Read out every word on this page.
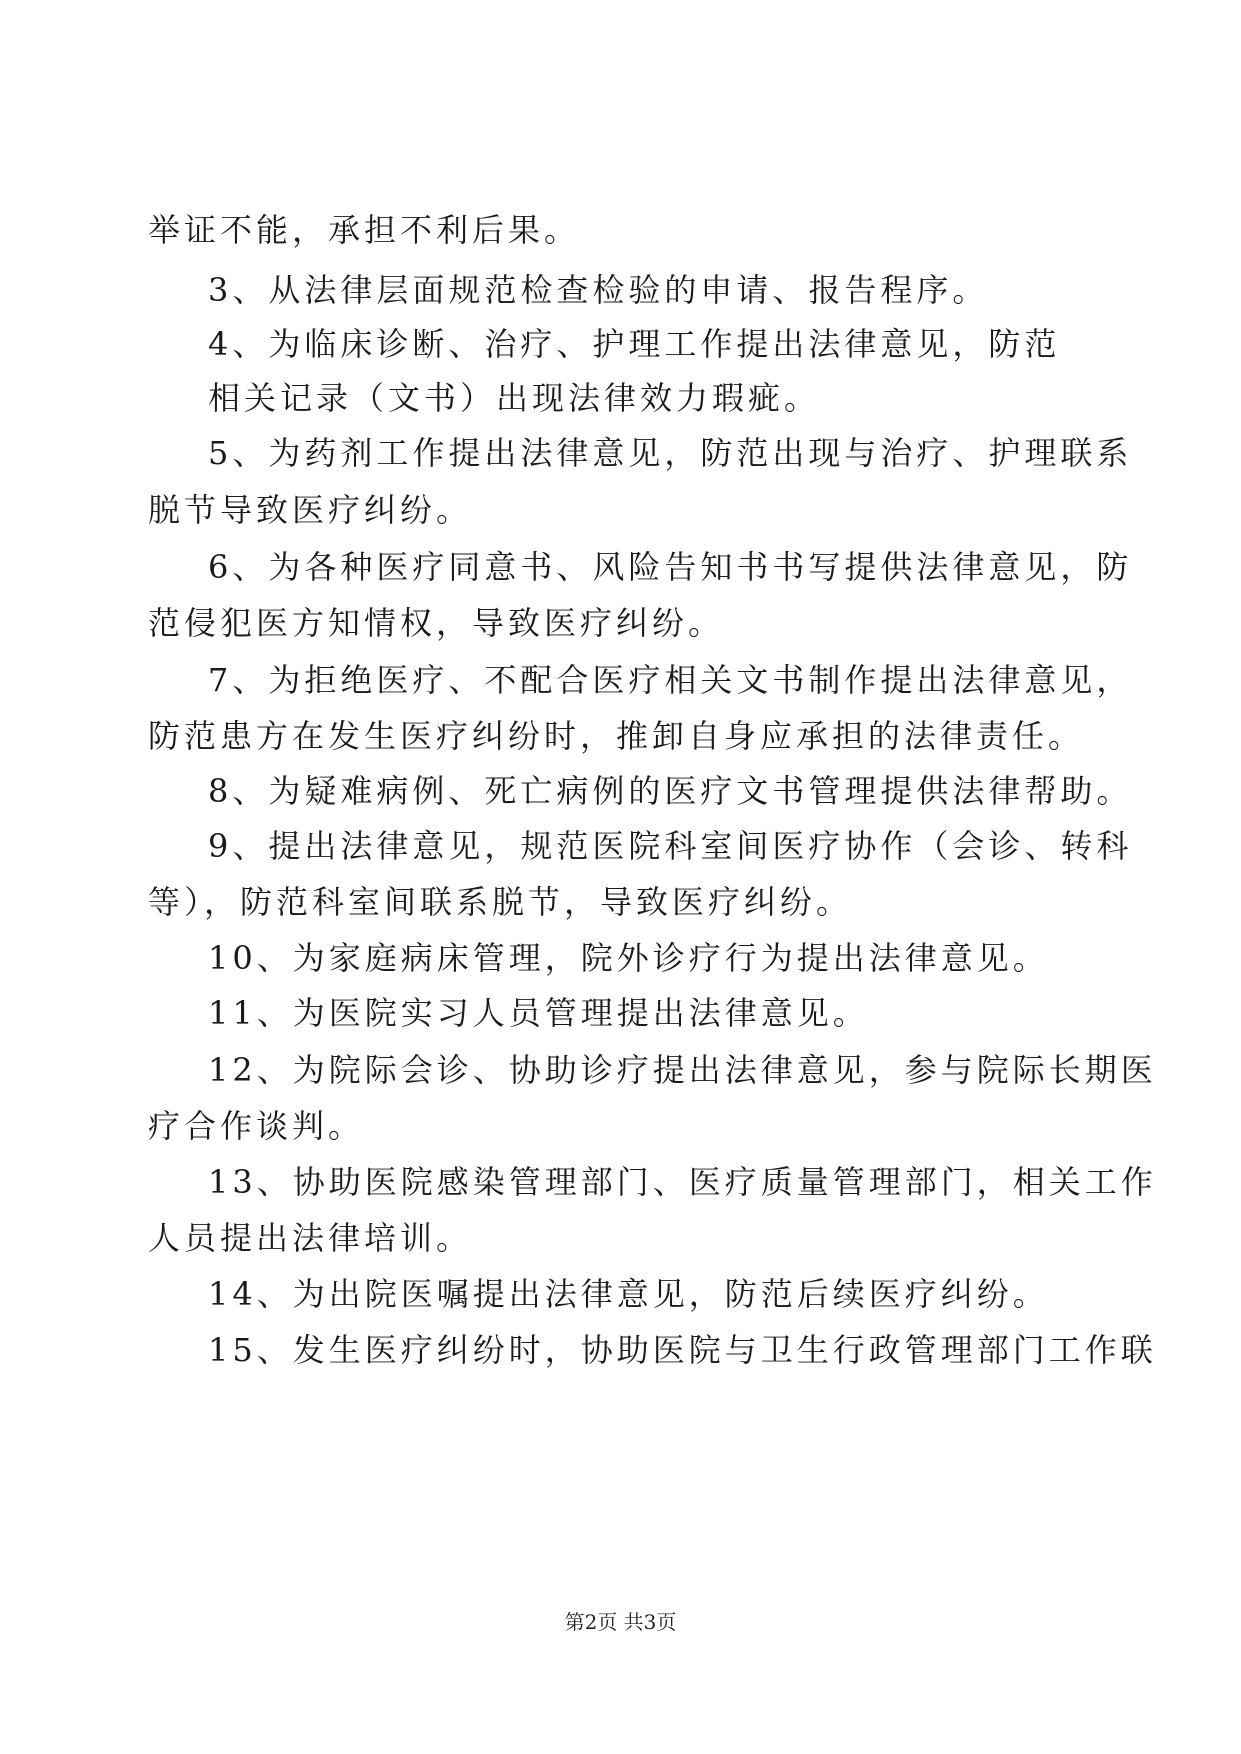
举证不能，承担不利后果。
3、从法律层面规范检查检验的申请、报告程序。
4、为临床诊断、治疗、护理工作提出法律意见，防范
相关记录（文书）出现法律效力瑕疵。
5、为药剂工作提出法律意见，防范出现与治疗、护理联系
脱节导致医疗纠纷。
6、为各种医疗同意书、风险告知书书写提供法律意见，防
范侵犯医方知情权，导致医疗纠纷。
7、为拒绝医疗、不配合医疗相关文书制作提出法律意见，
防范患方在发生医疗纠纷时，推卸自身应承担的法律责任。
8、为疑难病例、死亡病例的医疗文书管理提供法律帮助。
9、提出法律意见，规范医院科室间医疗协作（会诊、转科
等），防范科室间联系脱节，导致医疗纠纷。
10、为家庭病床管理，院外诊疗行为提出法律意见。
11、为医院实习人员管理提出法律意见。
12、为院际会诊、协助诊疗提出法律意见，参与院际长期医
疗合作谈判。
13、协助医院感染管理部门、医疗质量管理部门，相关工作
人员提出法律培训。
14、为出院医嘱提出法律意见，防范后续医疗纠纷。
15、发生医疗纠纷时，协助医院与卫生行政管理部门工作联
第2页 共3页
